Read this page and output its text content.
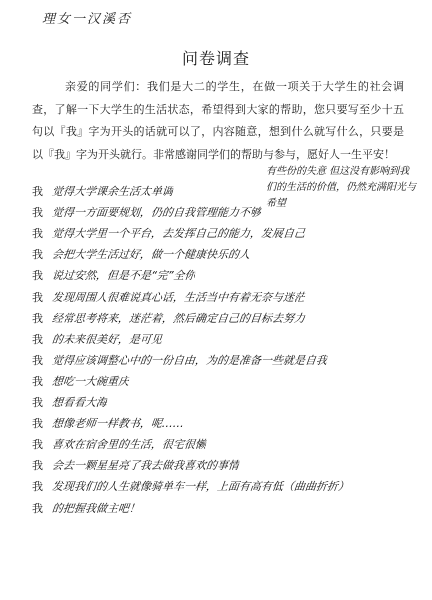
理女一汉溪否
问卷调查
亲爱的同学们：我们是大二的学生，在做一项关于大学生的社会调查，了解一下大学生的生活状态，希望得到大家的帮助，您只要写至少十五句以『我』字为开头的话就可以了，内容随意，想到什么就写什么，只要是以『我』字为开头就行。非常感谢同学们的帮助与参与，愿好人一生平安！
有些份的失意 但这没有影响到我们的生活的价值，仍然充满阳光与希望
我 觉得大学课余生活太单调
我 觉得一方面要规划，仍的自我管理能力不够
我 觉得大学里一个平台，去发挥自己的能力，发展自己
我 会把大学生活过好，做一个健康快乐的人
我 说过安然，但是不是“完”全你
我 发现周围人很难说真心话，生活当中有着无奈与迷茫
我 经常思考将来，迷茫着，然后确定自己的目标去努力
我 的未来很美好，是可见
我 觉得应该调整心中的一份自由，为的是准备一些就是自我
我 想吃一大碗重庆
我 想看看大海
我 想像老师一样教书，呢……
我 喜欢在宿舍里的生活，很宅很懒
我 会去一颗星星亮了我去做我喜欢的事情
我 发现我们的人生就像骑单车一样，上面有高有低（曲曲折折）
我 的把握我做主吧！
